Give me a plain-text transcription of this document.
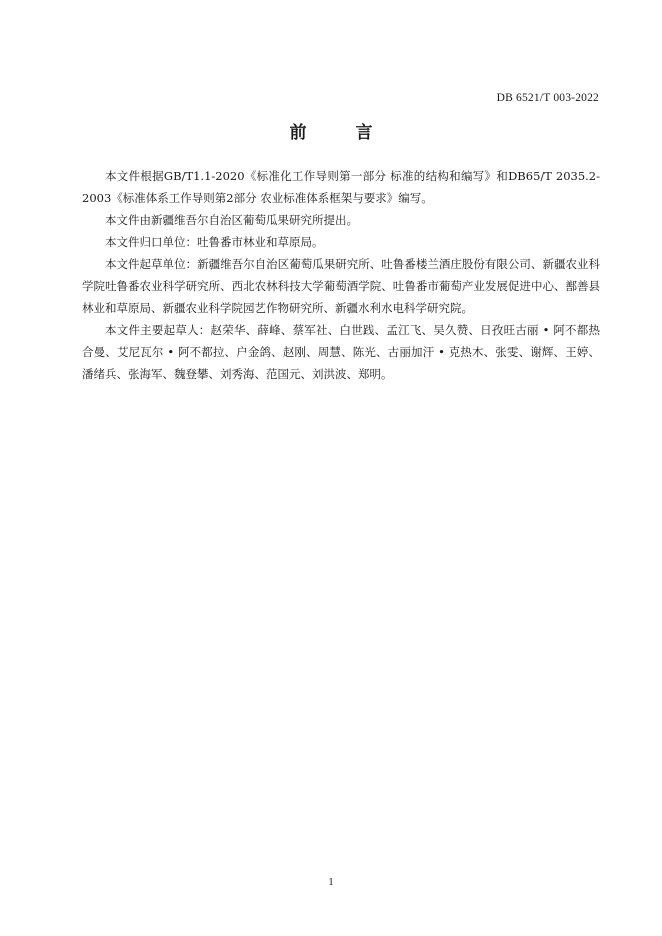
DB 6521/T 003-2022
前　言

本文件根据GB/T1.1-2020《标准化工作导则第一部分 标准的结构和编写》和DB65/T 2035.2-2003《标准体系工作导则第2部分 农业标准体系框架与要求》编写。

本文件由新疆维吾尔自治区葡萄瓜果研究所提出。

本文件归口单位：吐鲁番市林业和草原局。

本文件起草单位：新疆维吾尔自治区葡萄瓜果研究所、吐鲁番楼兰酒庄股份有限公司、新疆农业科学院吐鲁番农业科学研究所、西北农林科技大学葡萄酒学院、吐鲁番市葡萄产业发展促进中心、鄯善县林业和草原局、新疆农业科学院园艺作物研究所、新疆水利水电科学研究院。

本文件主要起草人：赵荣华、薛峰、蔡军社、白世践、孟江飞、吴久赞、日孜旺古丽 • 阿不都热合曼、艾尼瓦尔 • 阿不都拉、户金鸽、赵刚、周慧、陈光、古丽加汗 • 克热木、张雯、谢辉、王婷、潘绪兵、张海军、魏登攀、刘秀海、范国元、刘洪波、郑明。

1
